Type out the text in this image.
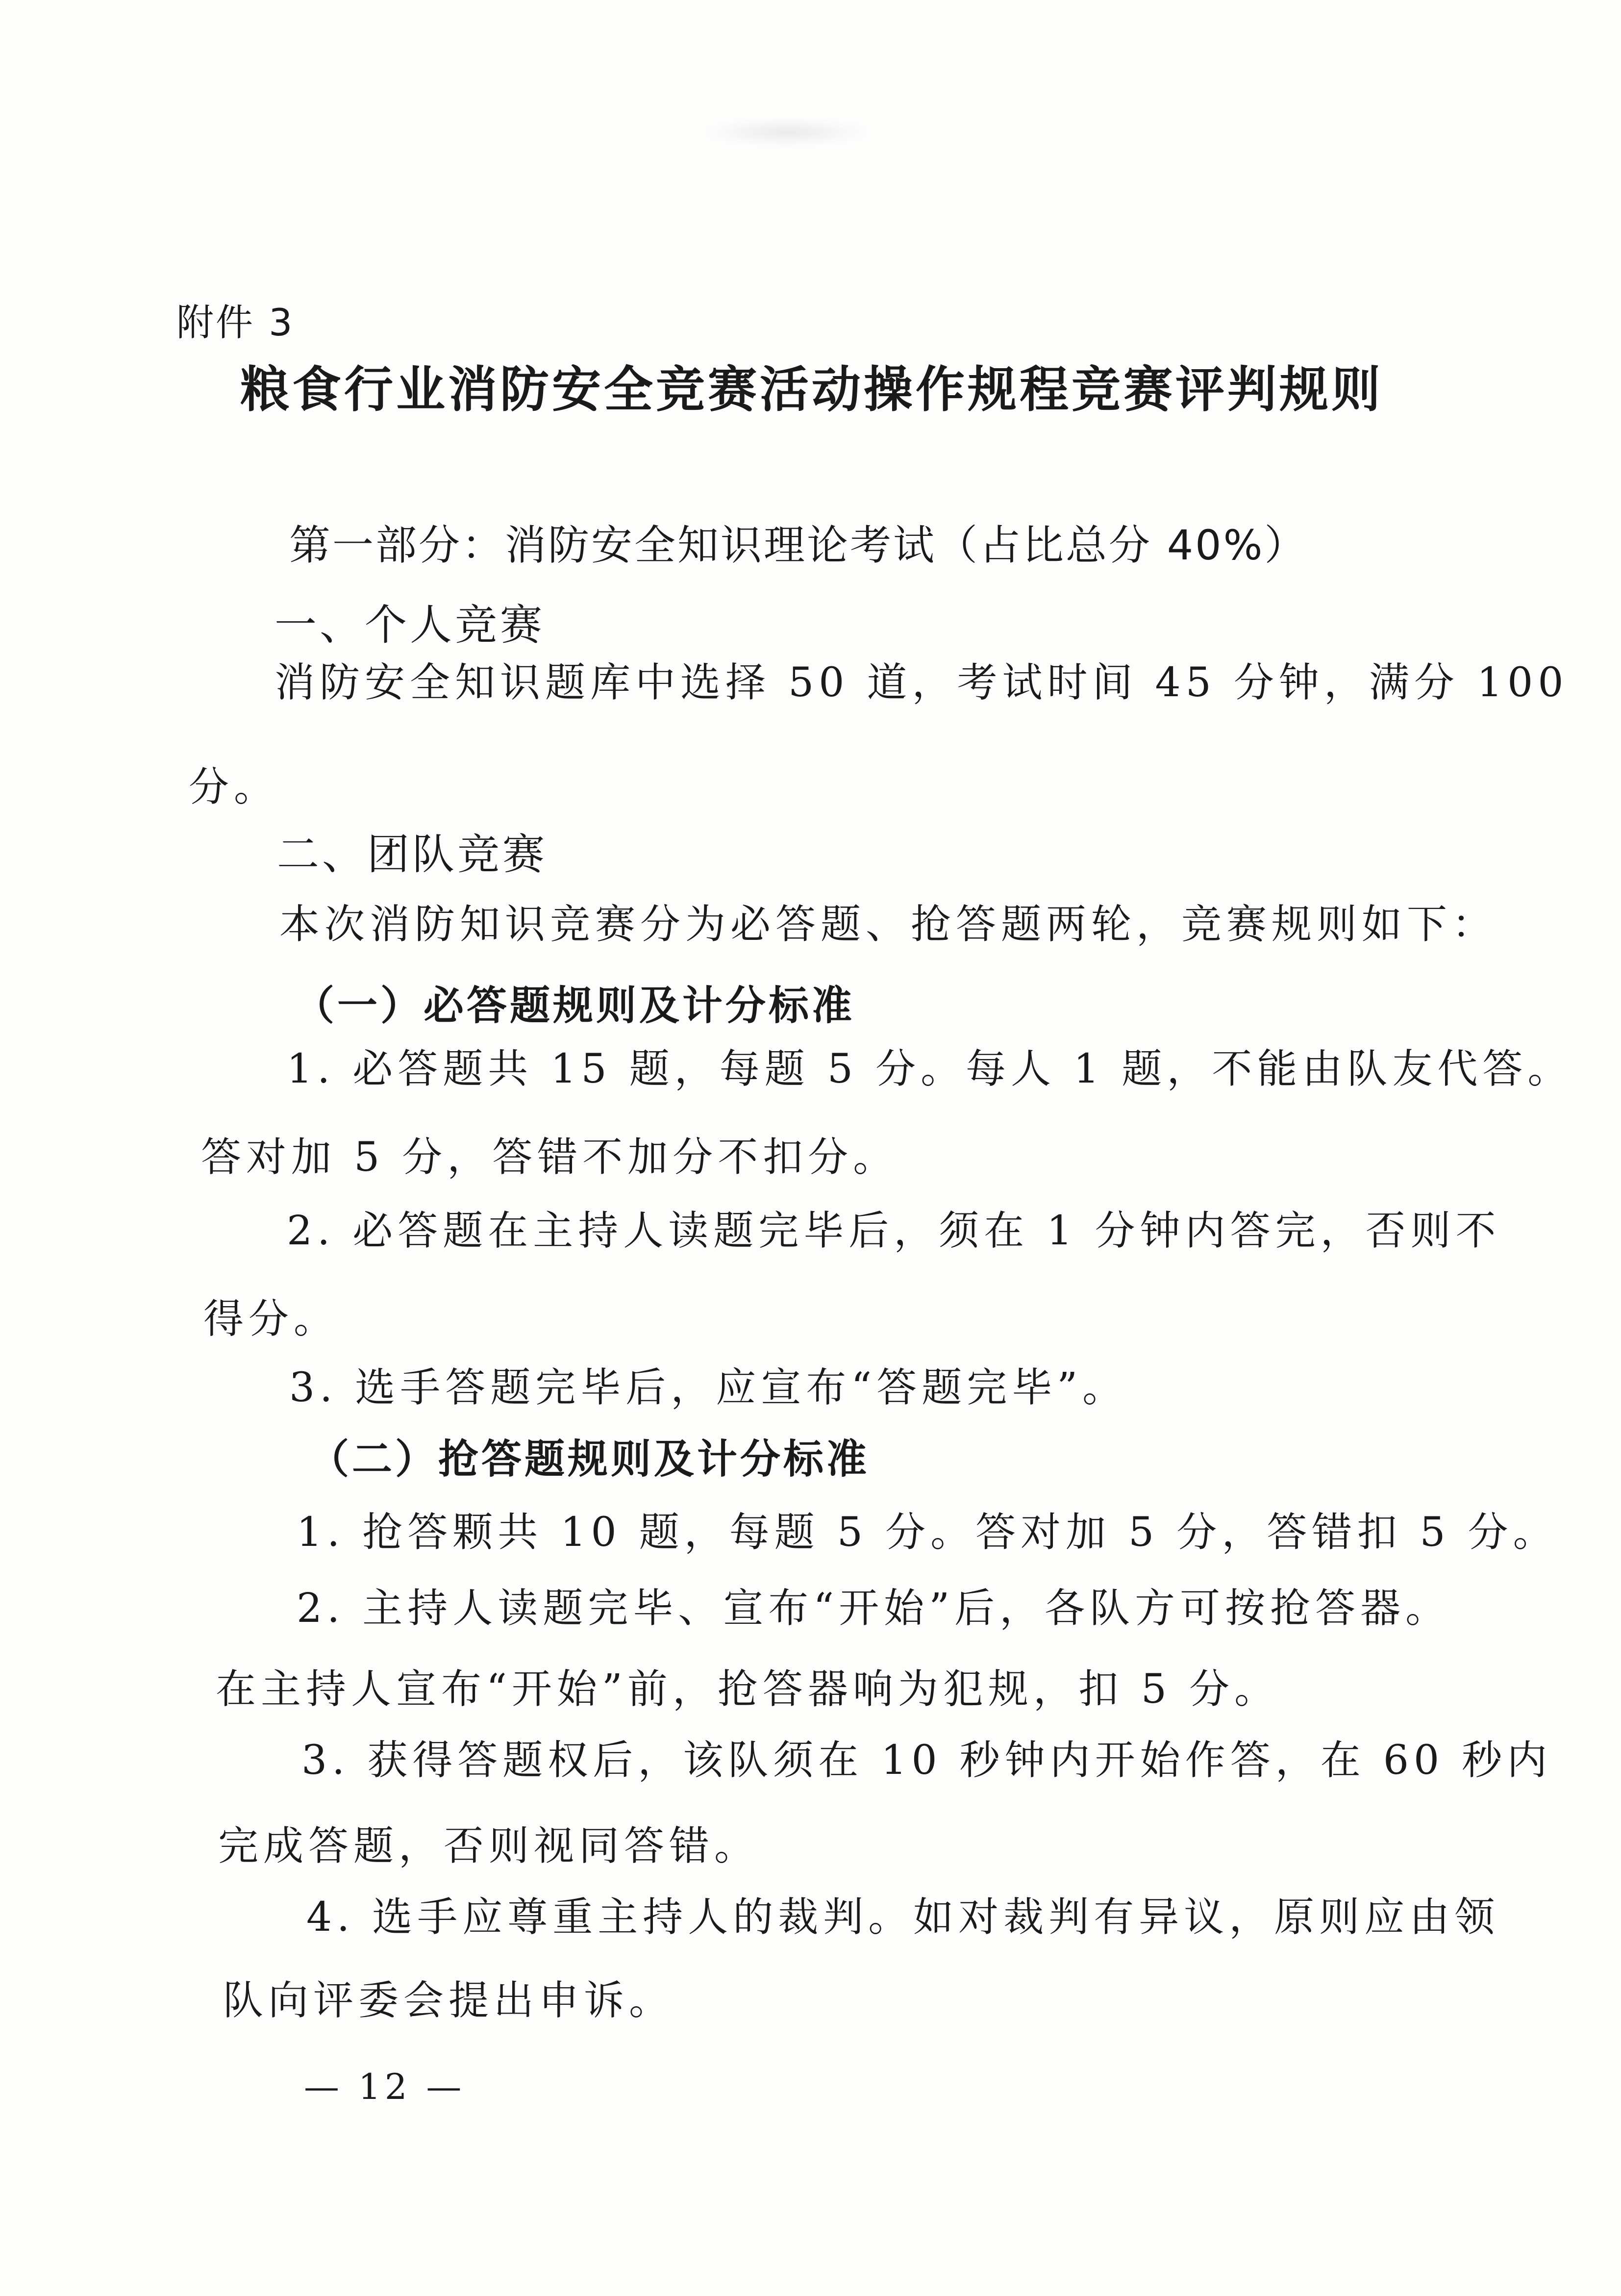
附件 3
粮食行业消防安全竞赛活动操作规程竞赛评判规则
第一部分：消防安全知识理论考试（占比总分 40%）
一、个人竞赛
消防安全知识题库中选择 50 道，考试时间 45 分钟，满分 100
分。
二、团队竞赛
本次消防知识竞赛分为必答题、抢答题两轮，竞赛规则如下：
（一）必答题规则及计分标准
1. 必答题共 15 题，每题 5 分。每人 1 题，不能由队友代答。
答对加 5 分，答错不加分不扣分。
2. 必答题在主持人读题完毕后，须在 1 分钟内答完，否则不
得分。
3. 选手答题完毕后，应宣布“答题完毕”。
（二）抢答题规则及计分标准
1. 抢答颗共 10 题，每题 5 分。答对加 5 分，答错扣 5 分。
2. 主持人读题完毕、宣布“开始”后，各队方可按抢答器。
在主持人宣布“开始”前，抢答器响为犯规，扣 5 分。
3. 获得答题权后，该队须在 10 秒钟内开始作答，在 60 秒内
完成答题，否则视同答错。
4. 选手应尊重主持人的裁判。如对裁判有异议，原则应由领
队向评委会提出申诉。
— 12 —
